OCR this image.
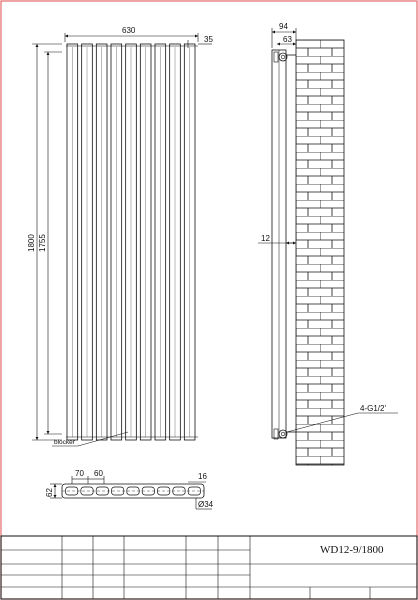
630
35
1800 1755
blocker
94
63
12
4-G1/2'
70 60	16
62
Ø34
WD12-9/1800
